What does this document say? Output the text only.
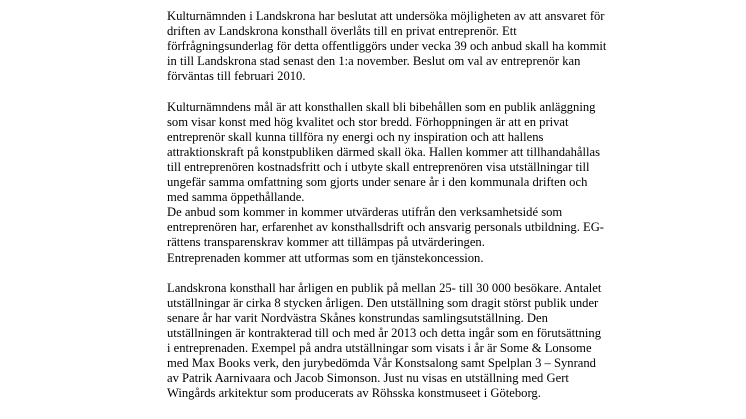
Kulturnämnden i Landskrona har beslutat att undersöka möjligheten av att ansvaret för
driften av Landskrona konsthall överlåts till en privat entreprenör. Ett
förfrågningsunderlag för detta offentliggörs under vecka 39 och anbud skall ha kommit
in till Landskrona stad senast den 1:a november. Beslut om val av entreprenör kan
förväntas till februari 2010.

Kulturnämndens mål är att konsthallen skall bli bibehållen som en publik anläggning
som visar konst med hög kvalitet och stor bredd. Förhoppningen är att en privat
entreprenör skall kunna tillföra ny energi och ny inspiration och att hallens
attraktionskraft på konstpubliken därmed skall öka. Hallen kommer att tillhandahållas
till entreprenören kostnadsfritt och i utbyte skall entreprenören visa utställningar till
ungefär samma omfattning som gjorts under senare år i den kommunala driften och
med samma öppethållande.
De anbud som kommer in kommer utvärderas utifrån den verksamhetsidé som
entreprenören har, erfarenhet av konsthallsdrift och ansvarig personals utbildning. EG-
rättens transparenskrav kommer att tillämpas på utvärderingen.
Entreprenaden kommer att utformas som en tjänstekoncession.

Landskrona konsthall har årligen en publik på mellan 25- till 30 000 besökare. Antalet
utställningar är cirka 8 stycken årligen. Den utställning som dragit störst publik under
senare år har varit Nordvästra Skånes konstrundas samlingsutställning. Den
utställningen är kontrakterad till och med år 2013 och detta ingår som en förutsättning
i entreprenaden. Exempel på andra utställningar som visats i år är Some & Lonsome
med Max Books verk, den jurybedömda Vår Konstsalong samt Spelplan 3 – Synrand
av Patrik Aarnivaara och Jacob Simonson. Just nu visas en utställning med Gert
Wingårds arkitektur som producerats av Röhsska konstmuseet i Göteborg.
